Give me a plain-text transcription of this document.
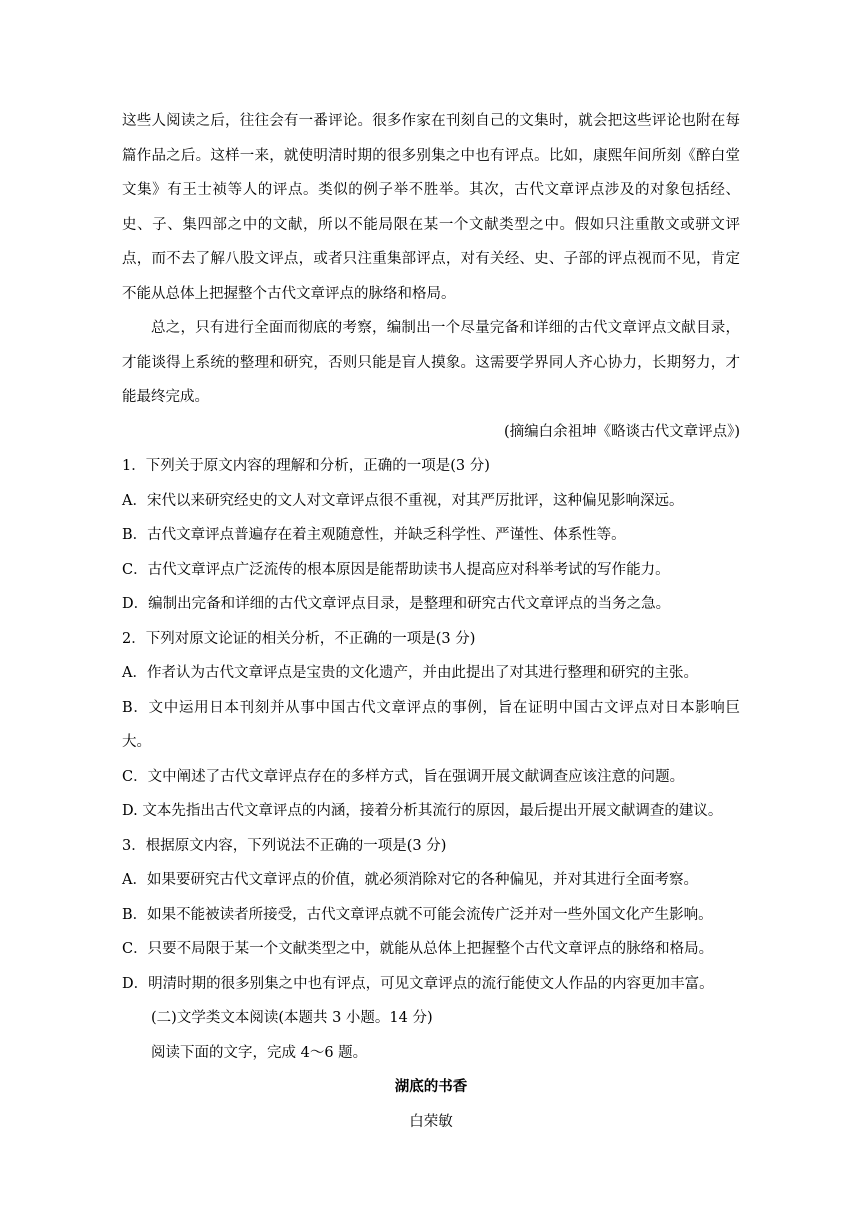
这些人阅读之后，往往会有一番评论。很多作家在刊刻自己的文集时，就会把这些评论也附在每篇作品之后。这样一来，就使明清时期的很多别集之中也有评点。比如，康熙年间所刻《醉白堂文集》有王士祯等人的评点。类似的例子举不胜举。其次，古代文章评点涉及的对象包括经、史、子、集四部之中的文献，所以不能局限在某一个文献类型之中。假如只注重散文或骈文评点，而不去了解八股文评点，或者只注重集部评点，对有关经、史、子部的评点视而不见，肯定不能从总体上把握整个古代文章评点的脉络和格局。

总之，只有进行全面而彻底的考察，编制出一个尽量完备和详细的古代文章评点文献目录，才能谈得上系统的整理和研究，否则只能是盲人摸象。这需要学界同人齐心协力，长期努力，才能最终完成。

(摘编白余祖坤《略谈古代文章评点》)

1．下列关于原文内容的理解和分析，正确的一项是(3 分)

A．宋代以来研究经史的文人对文章评点很不重视，对其严厉批评，这种偏见影响深远。

B．古代文章评点普遍存在着主观随意性，并缺乏科学性、严谨性、体系性等。

C．古代文章评点广泛流传的根本原因是能帮助读书人提高应对科举考试的写作能力。

D．编制出完备和详细的古代文章评点目录，是整理和研究古代文章评点的当务之急。

2．下列对原文论证的相关分析，不正确的一项是(3 分)

A．作者认为古代文章评点是宝贵的文化遗产，并由此提出了对其进行整理和研究的主张。

B．文中运用日本刊刻并从事中国古代文章评点的事例，旨在证明中国古文评点对日本影响巨大。

C．文中阐述了古代文章评点存在的多样方式，旨在强调开展文献调查应该注意的问题。

D. 文本先指出古代文章评点的内涵，接着分析其流行的原因，最后提出开展文献调查的建议。

3．根据原文内容，下列说法不正确的一项是(3 分)

A．如果要研究古代文章评点的价值，就必须消除对它的各种偏见，并对其进行全面考察。

B．如果不能被读者所接受，古代文章评点就不可能会流传广泛并对一些外国文化产生影响。

C．只要不局限于某一个文献类型之中，就能从总体上把握整个古代文章评点的脉络和格局。

D．明清时期的很多别集之中也有评点，可见文章评点的流行能使文人作品的内容更加丰富。

(二)文学类文本阅读(本题共 3 小题。14 分)

阅读下面的文字，完成 4～6 题。

湖底的书香

白荣敏
